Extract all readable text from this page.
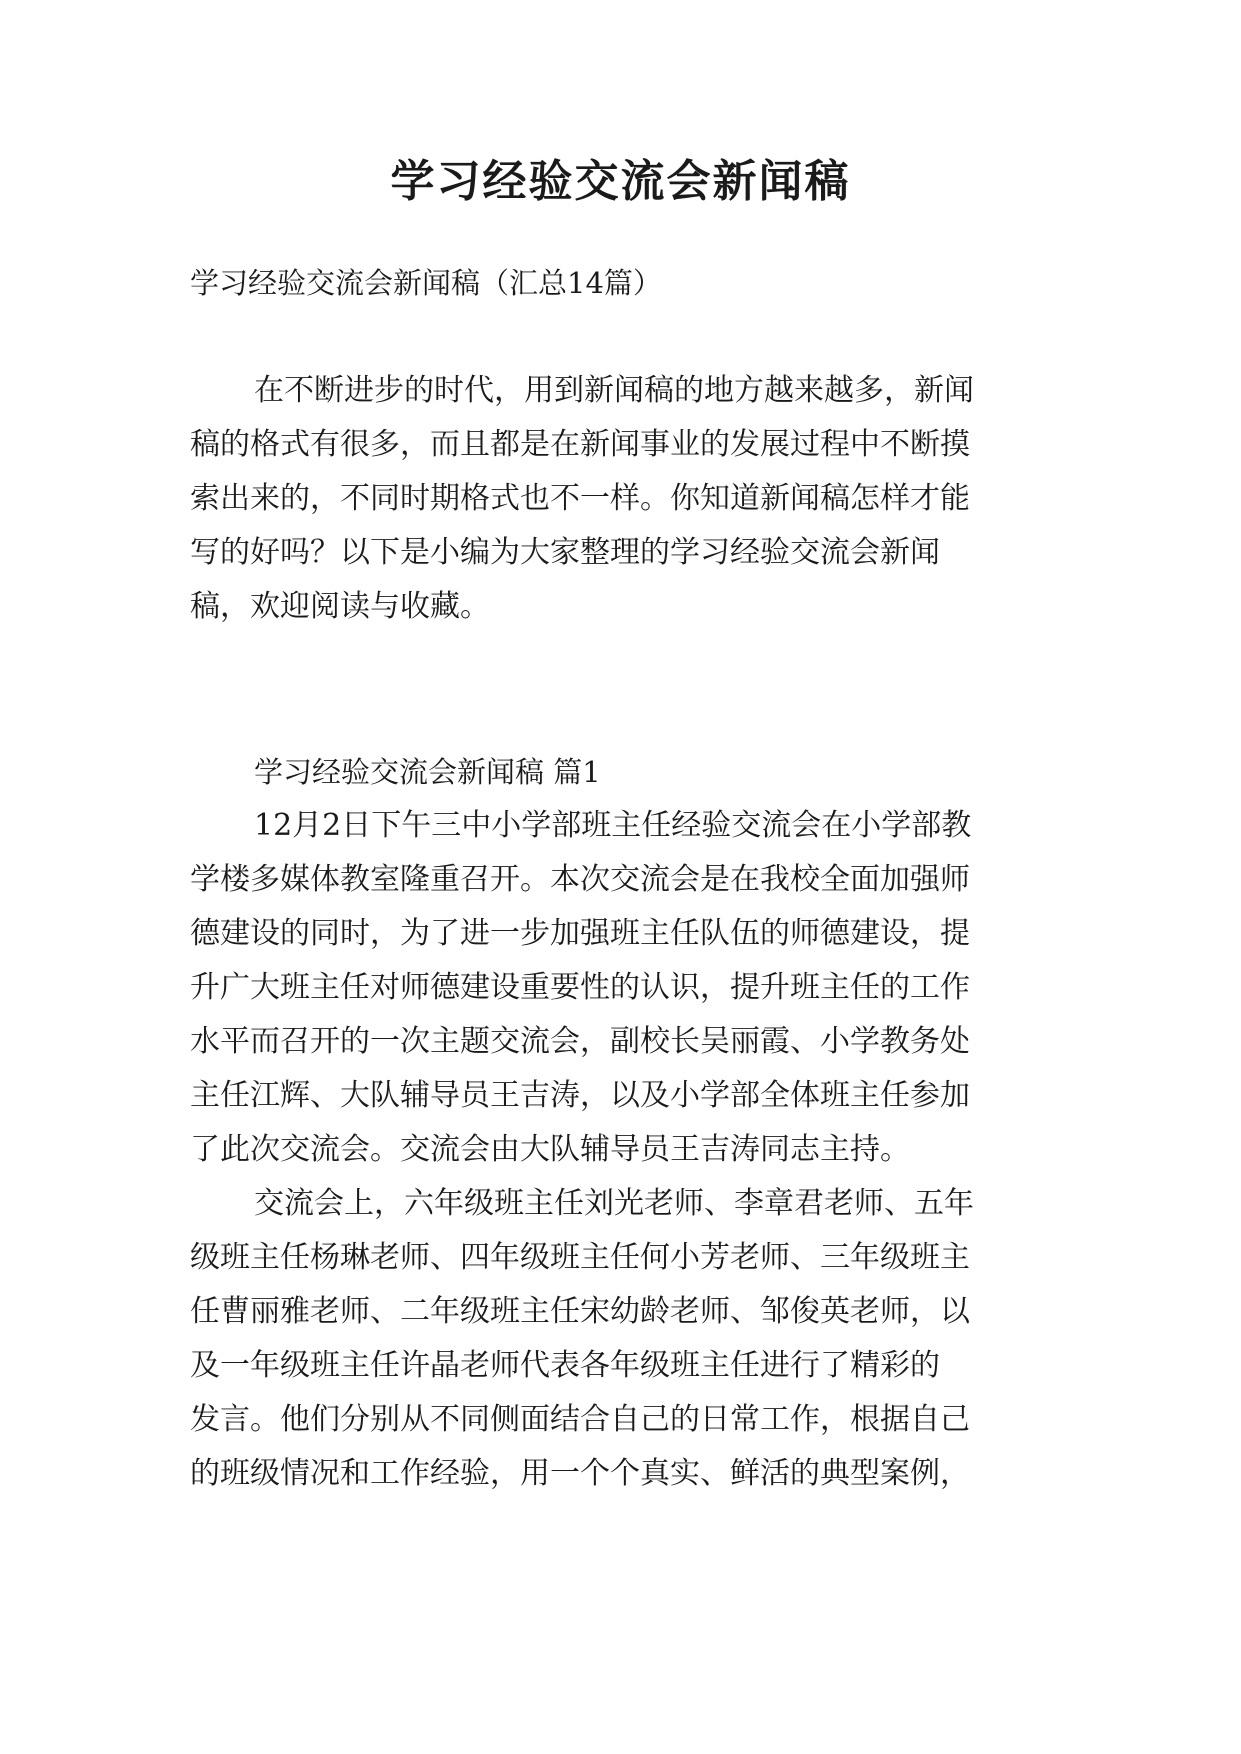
学习经验交流会新闻稿
学习经验交流会新闻稿（汇总14篇）
在不断进步的时代，用到新闻稿的地方越来越多，新闻
稿的格式有很多，而且都是在新闻事业的发展过程中不断摸
索出来的，不同时期格式也不一样。你知道新闻稿怎样才能
写的好吗？以下是小编为大家整理的学习经验交流会新闻
稿，欢迎阅读与收藏。
学习经验交流会新闻稿 篇1
12月2日下午三中小学部班主任经验交流会在小学部教
学楼多媒体教室隆重召开。本次交流会是在我校全面加强师
德建设的同时，为了进一步加强班主任队伍的师德建设，提
升广大班主任对师德建设重要性的认识，提升班主任的工作
水平而召开的一次主题交流会，副校长吴丽霞、小学教务处
主任江辉、大队辅导员王吉涛，以及小学部全体班主任参加
了此次交流会。交流会由大队辅导员王吉涛同志主持。
交流会上，六年级班主任刘光老师、李章君老师、五年
级班主任杨琳老师、四年级班主任何小芳老师、三年级班主
任曹丽雅老师、二年级班主任宋幼龄老师、邹俊英老师，以
及一年级班主任许晶老师代表各年级班主任进行了精彩的
发言。他们分别从不同侧面结合自己的日常工作，根据自己
的班级情况和工作经验，用一个个真实、鲜活的典型案例，
